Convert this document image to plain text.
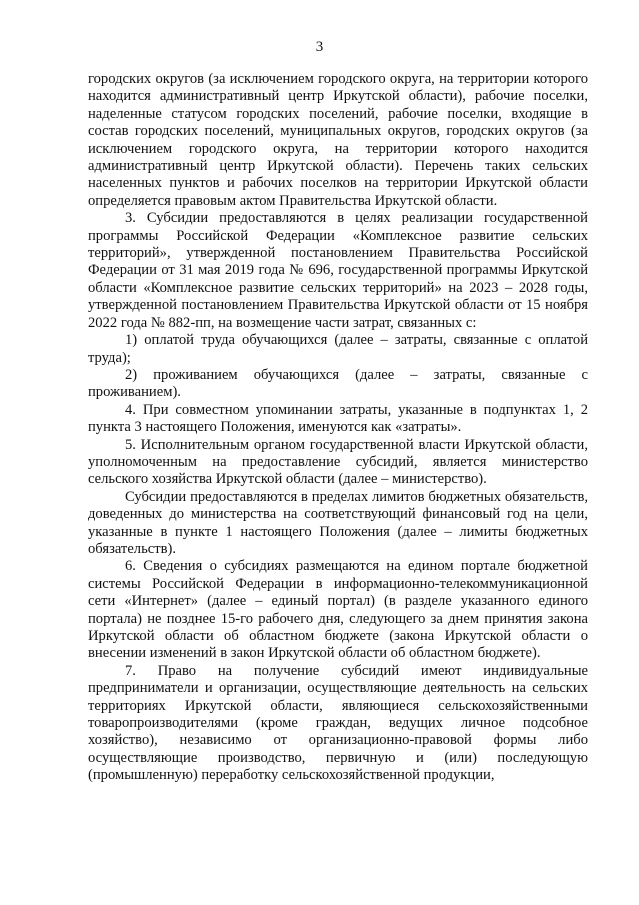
3

городских округов (за исключением городского округа, на территории которого находится административный центр Иркутской области), рабочие поселки, наделенные статусом городских поселений, рабочие поселки, входящие в состав городских поселений, муниципальных округов, городских округов (за исключением городского округа, на территории которого находится административный центр Иркутской области). Перечень таких сельских населенных пунктов и рабочих поселков на территории Иркутской области определяется правовым актом Правительства Иркутской области.

3. Субсидии предоставляются в целях реализации государственной программы Российской Федерации «Комплексное развитие сельских территорий», утвержденной постановлением Правительства Российской Федерации от 31 мая 2019 года № 696, государственной программы Иркутской области «Комплексное развитие сельских территорий» на 2023 – 2028 годы, утвержденной постановлением Правительства Иркутской области от 15 ноября 2022 года № 882-пп, на возмещение части затрат, связанных с:

1) оплатой труда обучающихся (далее – затраты, связанные с оплатой труда);

2) проживанием обучающихся (далее – затраты, связанные с проживанием).

4. При совместном упоминании затраты, указанные в подпунктах 1, 2 пункта 3 настоящего Положения, именуются как «затраты».

5. Исполнительным органом государственной власти Иркутской области, уполномоченным на предоставление субсидий, является министерство сельского хозяйства Иркутской области (далее – министерство).

Субсидии предоставляются в пределах лимитов бюджетных обязательств, доведенных до министерства на соответствующий финансовый год на цели, указанные в пункте 1 настоящего Положения (далее – лимиты бюджетных обязательств).

6. Сведения о субсидиях размещаются на едином портале бюджетной системы Российской Федерации в информационно-телекоммуникационной сети «Интернет» (далее – единый портал) (в разделе указанного единого портала) не позднее 15-го рабочего дня, следующего за днем принятия закона Иркутской области об областном бюджете (закона Иркутской области о внесении изменений в закон Иркутской области об областном бюджете).

7. Право на получение субсидий имеют индивидуальные предприниматели и организации, осуществляющие деятельность на сельских территориях Иркутской области, являющиеся сельскохозяйственными товаропроизводителями (кроме граждан, ведущих личное подсобное хозяйство), независимо от организационно-правовой формы либо осуществляющие производство, первичную и (или) последующую (промышленную) переработку сельскохозяйственной продукции,
